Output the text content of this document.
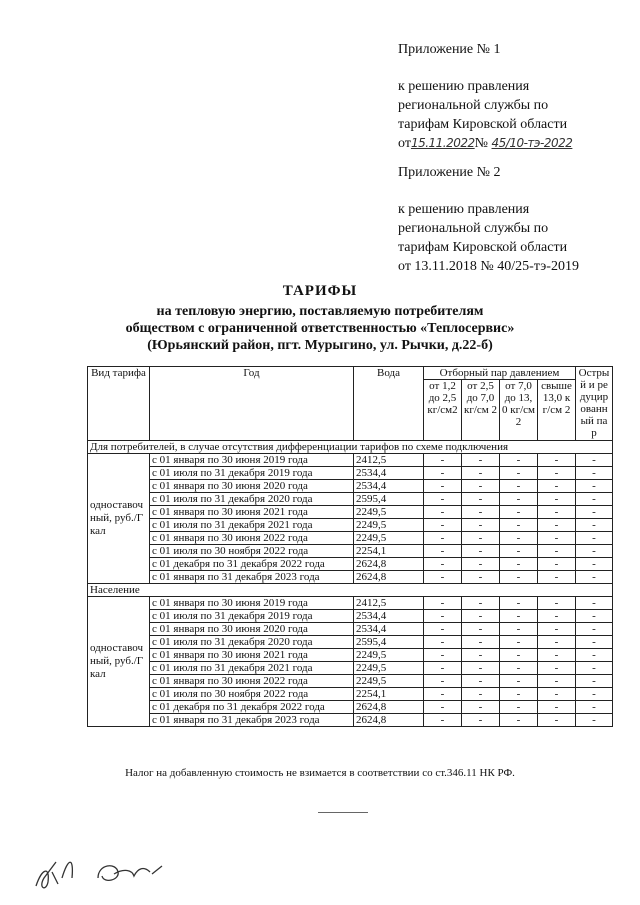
Приложение № 1
к решению правления
региональной службы по
тарифам Кировской области
от15.11.2022№ 45/10-тэ-2022
Приложение № 2
к решению правления
региональной службы по
тарифам Кировской области
от 13.11.2018 № 40/25-тэ-2019
ТАРИФЫ
на тепловую энергию, поставляемую потребителям
обществом с ограниченной ответственностью «Теплосервис»
(Юрьянский район, пгт. Мурыгино, ул. Рычки, д.22-б)
Вид тарифа	Год	Вода	Отборный пар давлением				Острый и редуцированный пар
			от 1,2 до 2,5 кг/см2	от 2,5 до 7,0 кг/см 2	от 7,0 до 13,0 кг/см 2	свыше 13,0 кг/см 2	
Для потребителей, в случае отсутствия дифференциации тарифов по схеме подключения							
одноставочный, руб./Гкал	с 01 января по 30 июня 2019 года	2412,5	-	-	-	-	-
	с 01 июля по 31 декабря 2019 года	2534,4	-	-	-	-	-
	с 01 января по 30 июня 2020 года	2534,4	-	-	-	-	-
	с 01 июля по 31 декабря 2020 года	2595,4	-	-	-	-	-
	с 01 января по 30 июня 2021 года	2249,5	-	-	-	-	-
	с 01 июля по 31 декабря 2021 года	2249,5	-	-	-	-	-
	с 01 января по 30 июня 2022 года	2249,5	-	-	-	-	-
	с 01 июля по 30 ноября 2022 года	2254,1	-	-	-	-	-
	с 01 декабря по 31 декабря 2022 года	2624,8	-	-	-	-	-
	с 01 января по 31 декабря 2023 года	2624,8	-	-	-	-	-
Население							
одноставочный, руб./Гкал	с 01 января по 30 июня 2019 года	2412,5	-	-	-	-	-
	с 01 июля по 31 декабря 2019 года	2534,4	-	-	-	-	-
	с 01 января по 30 июня 2020 года	2534,4	-	-	-	-	-
	с 01 июля по 31 декабря 2020 года	2595,4	-	-	-	-	-
	с 01 января по 30 июня 2021 года	2249,5	-	-	-	-	-
	с 01 июля по 31 декабря 2021 года	2249,5	-	-	-	-	-
	с 01 января по 30 июня 2022 года	2249,5	-	-	-	-	-
	с 01 июля по 30 ноября 2022 года	2254,1	-	-	-	-	-
	с 01 декабря по 31 декабря 2022 года	2624,8	-	-	-	-	-
	с 01 января по 31 декабря 2023 года	2624,8	-	-	-	-	-
Налог на добавленную стоимость не взимается в соответствии со ст.346.11 НК РФ.
